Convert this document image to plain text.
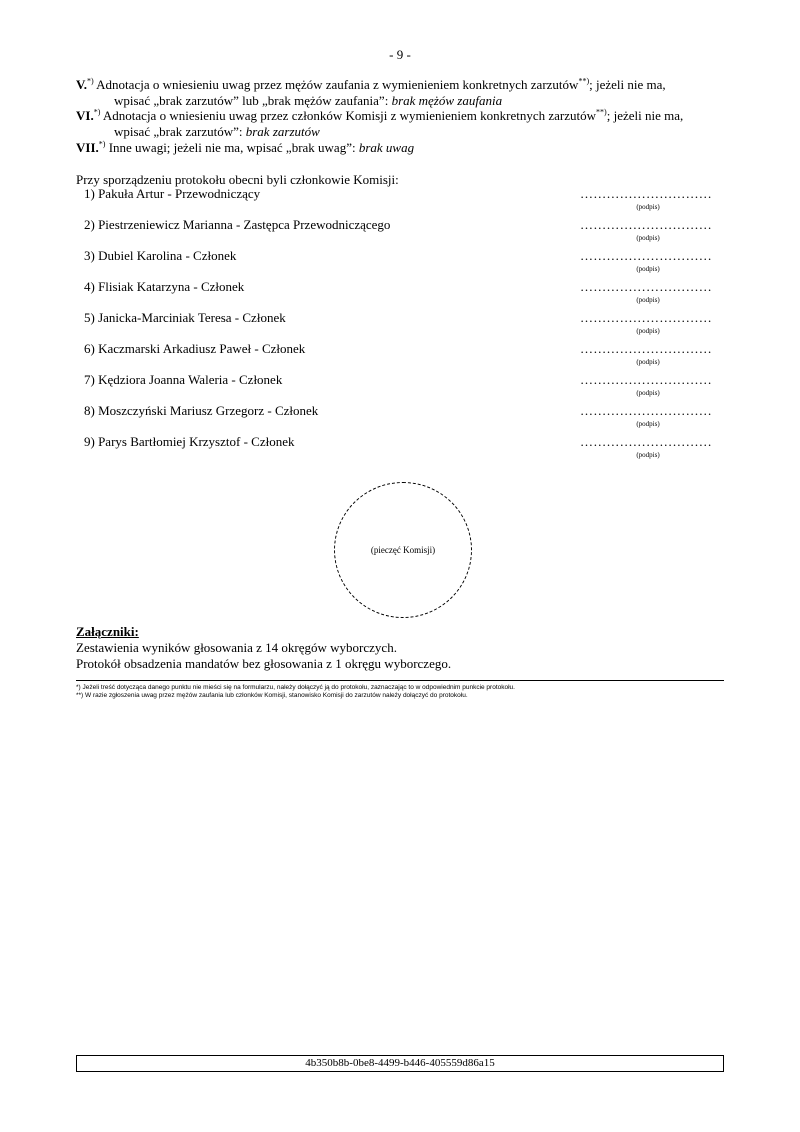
- 9 -
V.*) Adnotacja o wniesieniu uwag przez mężów zaufania z wymienieniem konkretnych zarzutów**); jeżeli nie ma,
wpisać „brak zarzutów” lub „brak mężów zaufania”: brak mężów zaufania
VI.*) Adnotacja o wniesieniu uwag przez członków Komisji z wymienieniem konkretnych zarzutów**); jeżeli nie ma,
wpisać „brak zarzutów”: brak zarzutów
VII.*) Inne uwagi; jeżeli nie ma, wpisać „brak uwag”: brak uwag
Przy sporządzeniu protokołu obecni byli członkowie Komisji:
1) Pakuła Artur - Przewodniczący	…………………………
(podpis)
2) Piestrzeniewicz Marianna - Zastępca Przewodniczącego	…………………………
(podpis)
3) Dubiel Karolina - Członek	…………………………
(podpis)
4) Flisiak Katarzyna - Członek	…………………………
(podpis)
5) Janicka-Marciniak Teresa - Członek	…………………………
(podpis)
6) Kaczmarski Arkadiusz Paweł - Członek	…………………………
(podpis)
7) Kędziora Joanna Waleria - Członek	…………………………
(podpis)
8) Moszczyński Mariusz Grzegorz - Członek	…………………………
(podpis)
9) Parys Bartłomiej Krzysztof - Członek	…………………………
(podpis)
(pieczęć Komisji)
Załączniki:
Zestawienia wyników głosowania z 14 okręgów wyborczych.
Protokół obsadzenia mandatów bez głosowania z 1 okręgu wyborczego.
*) Jeżeli treść dotycząca danego punktu nie mieści się na formularzu, należy dołączyć ją do protokołu, zaznaczając to w odpowiednim punkcie protokołu.
**) W razie zgłoszenia uwag przez mężów zaufania lub członków Komisji, stanowisko Komisji do zarzutów należy dołączyć do protokołu.
4b350b8b-0be8-4499-b446-405559d86a15
